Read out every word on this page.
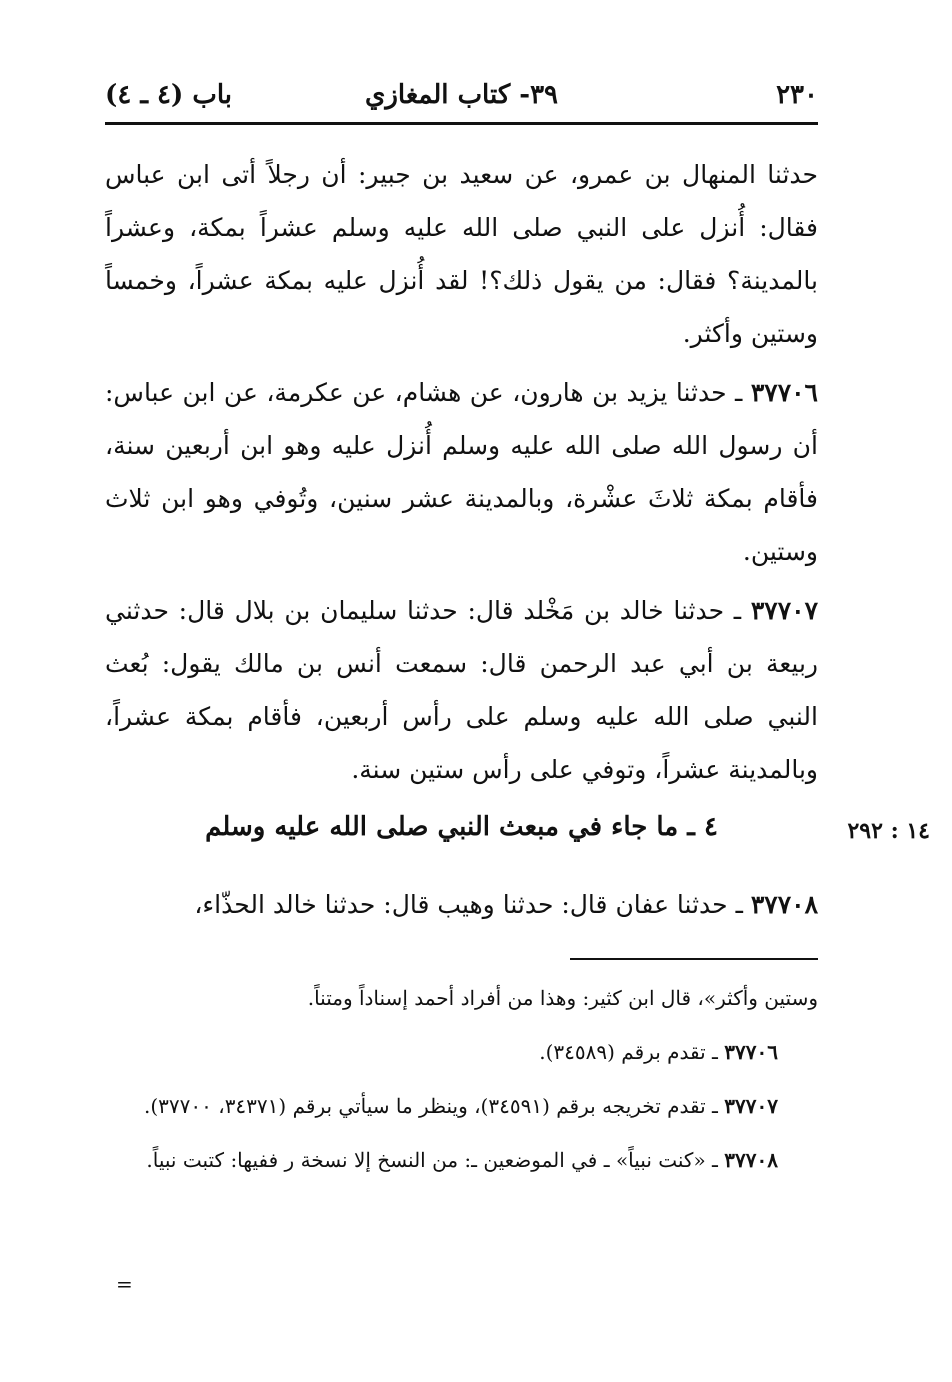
٢٣٠
٣٩- كتاب المغازي
باب (٤ ـ ٤)

حدثنا المنهال بن عمرو، عن سعيد بن جبير: أن رجلاً أتى ابن عباس فقال: أُنزل على النبي صلى الله عليه وسلم عشراً بمكة، وعشراً بالمدينة؟ فقال: من يقول ذلك؟! لقد أُنزل عليه بمكة عشراً، وخمساً وستين وأكثر.

٣٧٧٠٦ ـ حدثنا يزيد بن هارون، عن هشام، عن عكرمة، عن ابن عباس: أن رسول الله صلى الله عليه وسلم أُنزل عليه وهو ابن أربعين سنة، فأقام بمكة ثلاثَ عشْرة، وبالمدينة عشر سنين، وتُوفي وهو ابن ثلاث وستين.

٣٧٧٠٧ ـ حدثنا خالد بن مَخْلد قال: حدثنا سليمان بن بلال قال: حدثني ربيعة بن أبي عبد الرحمن قال: سمعت أنس بن مالك يقول: بُعث النبي صلى الله عليه وسلم على رأس أربعين، فأقام بمكة عشراً، وبالمدينة عشراً، وتوفي على رأس ستين سنة.

٤ ـ ما جاء في مبعث النبي صلى الله عليه وسلم	١٤ : ٢٩٢

٣٧٧٠٨ ـ حدثنا عفان قال: حدثنا وهيب قال: حدثنا خالد الحذّاء،

وستين وأكثر»، قال ابن كثير: وهذا من أفراد أحمد إسناداً ومتناً.

٣٧٧٠٦ ـ تقدم برقم (٣٤٥٨٩).

٣٧٧٠٧ ـ تقدم تخريجه برقم (٣٤٥٩١)، وينظر ما سيأتي برقم (٣٤٣٧١، ٣٧٧٠٠).

٣٧٧٠٨ ـ «كنت نبياً» ـ في الموضعين ـ: من النسخ إلا نسخة ر ففيها: كتبت نبياً.

=
